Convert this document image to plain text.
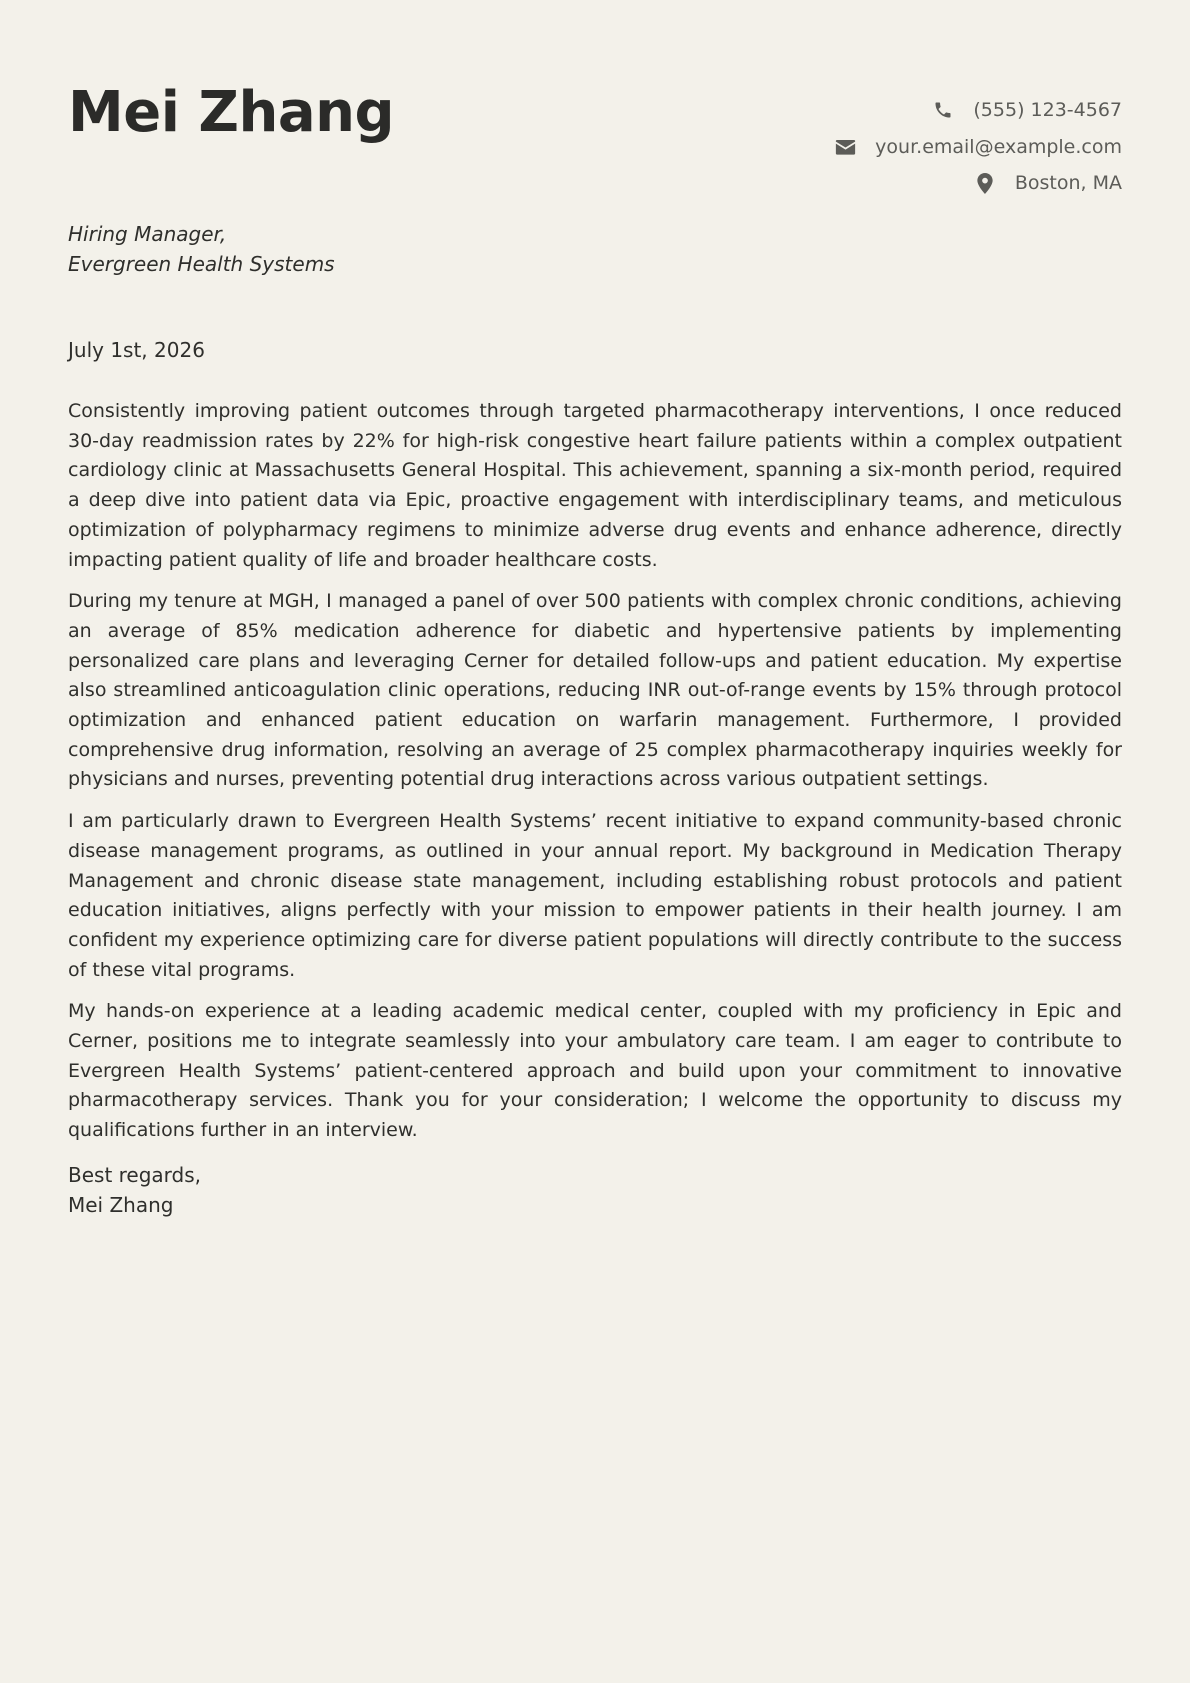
Mei Zhang	(555) 123-4567
your.email@example.com
Boston, MA
Hiring Manager,
Evergreen Health Systems
July 1st, 2026

Consistently improving patient outcomes through targeted pharmacotherapy interventions, I once reduced 30-day readmission rates by 22% for high-risk congestive heart failure patients within a complex outpatient cardiology clinic at Massachusetts General Hospital. This achievement, spanning a six-month period, required a deep dive into patient data via Epic, proactive engagement with interdisciplinary teams, and meticulous optimization of polypharmacy regimens to minimize adverse drug events and enhance adherence, directly impacting patient quality of life and broader healthcare costs.

During my tenure at MGH, I managed a panel of over 500 patients with complex chronic conditions, achieving an average of 85% medication adherence for diabetic and hypertensive patients by implementing personalized care plans and leveraging Cerner for detailed follow-ups and patient education. My expertise also streamlined anticoagulation clinic operations, reducing INR out-of-range events by 15% through protocol optimization and enhanced patient education on warfarin management. Furthermore, I provided comprehensive drug information, resolving an average of 25 complex pharmacotherapy inquiries weekly for physicians and nurses, preventing potential drug interactions across various outpatient settings.

I am particularly drawn to Evergreen Health Systems’ recent initiative to expand community-based chronic disease management programs, as outlined in your annual report. My background in Medication Therapy Management and chronic disease state management, including establishing robust protocols and patient education initiatives, aligns perfectly with your mission to empower patients in their health journey. I am confident my experience optimizing care for diverse patient populations will directly contribute to the success of these vital programs.

My hands-on experience at a leading academic medical center, coupled with my proficiency in Epic and Cerner, positions me to integrate seamlessly into your ambulatory care team. I am eager to contribute to Evergreen Health Systems’ patient-centered approach and build upon your commitment to innovative pharmacotherapy services. Thank you for your consideration; I welcome the opportunity to discuss my qualifications further in an interview.

Best regards,
Mei Zhang
